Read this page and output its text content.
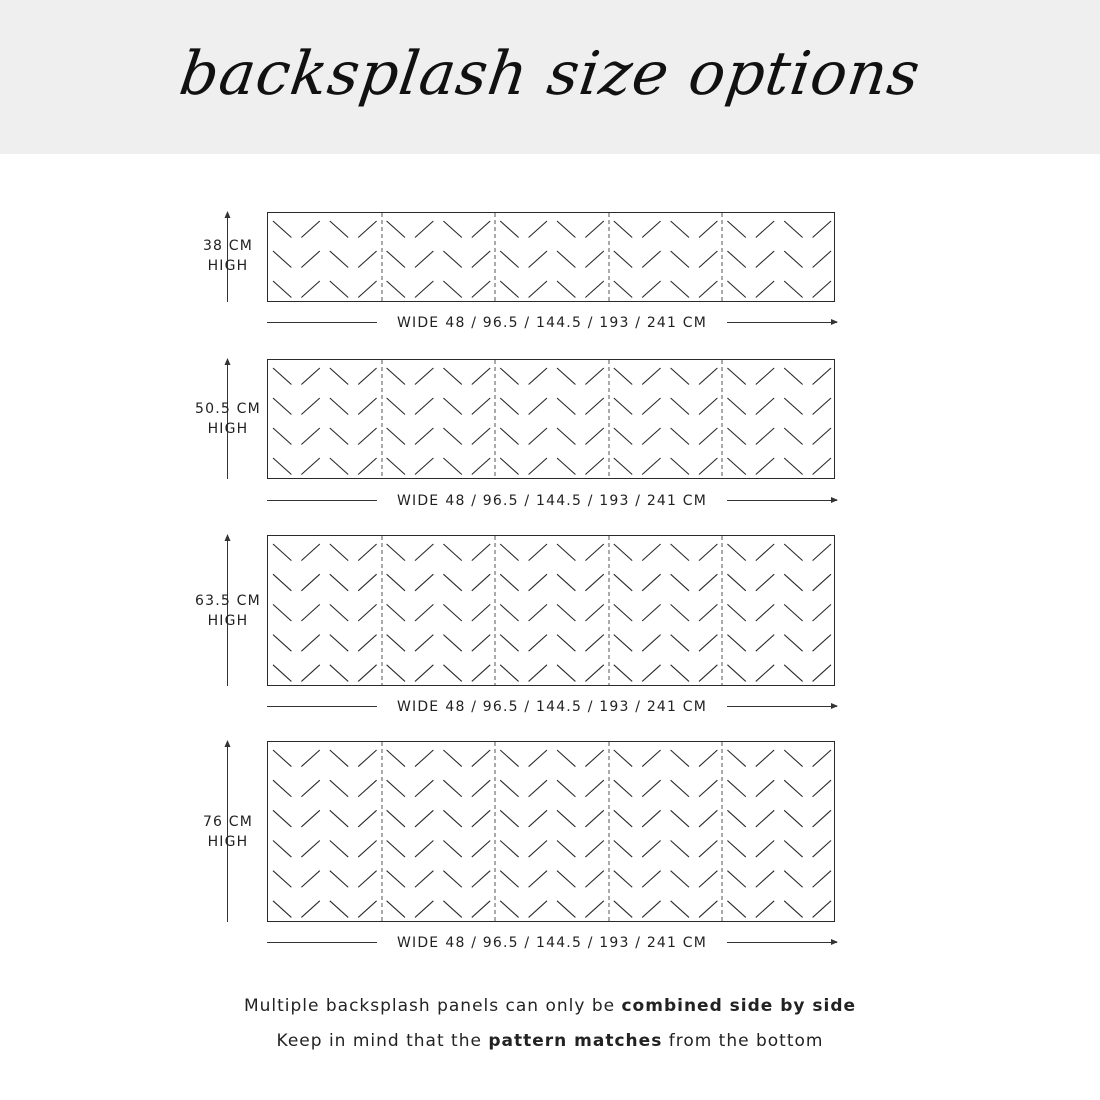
backsplash size options
38 CM
HIGH
WIDE 48 / 96.5 / 144.5 / 193 / 241 CM
50.5 CM
HIGH
WIDE 48 / 96.5 / 144.5 / 193 / 241 CM
63.5 CM
HIGH
WIDE 48 / 96.5 / 144.5 / 193 / 241 CM
76 CM
HIGH
WIDE 48 / 96.5 / 144.5 / 193 / 241 CM
Multiple backsplash panels can only be combined side by side
Keep in mind that the pattern matches from the bottom
